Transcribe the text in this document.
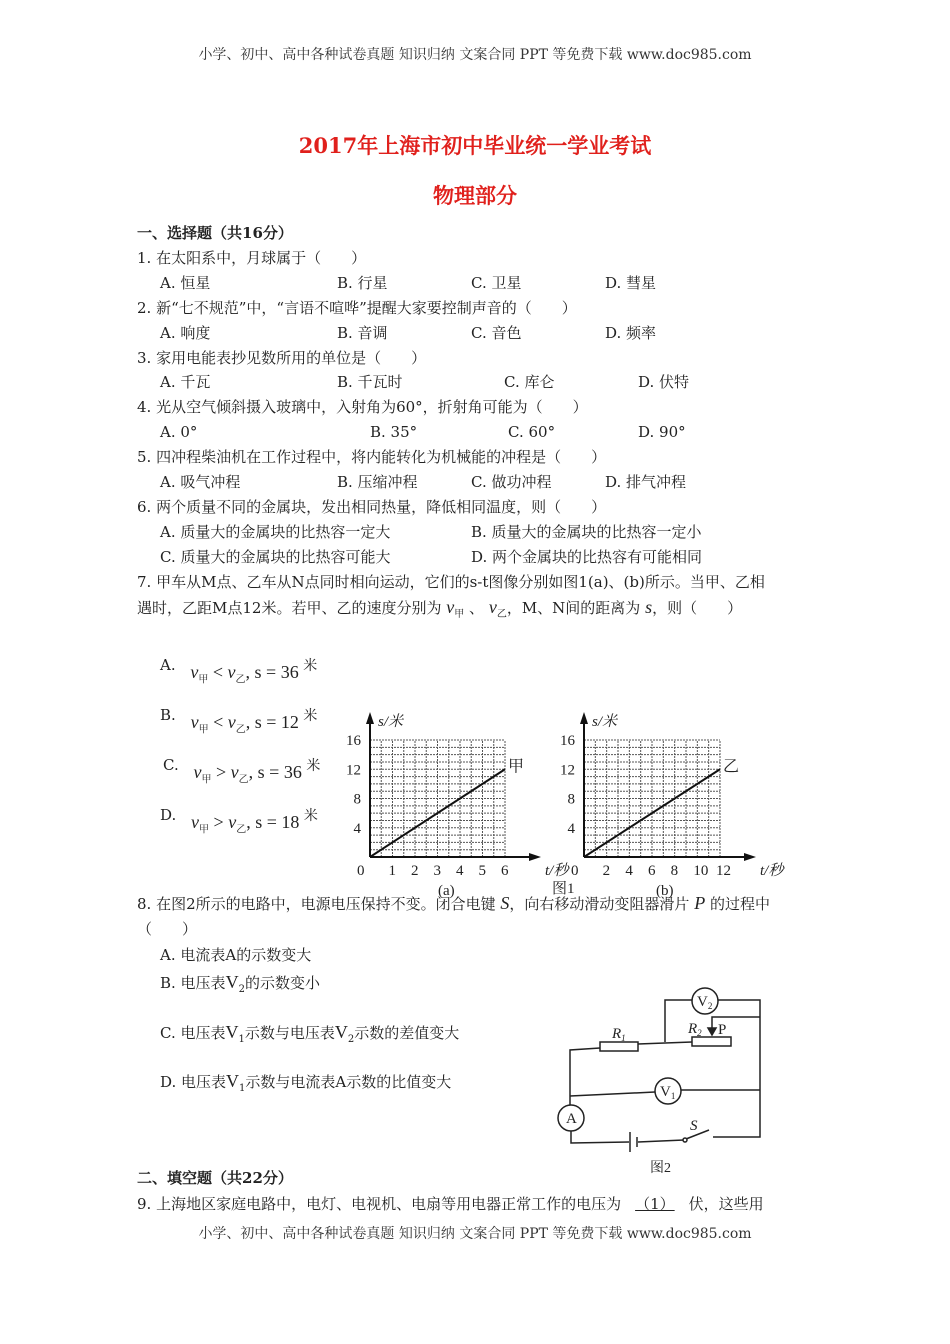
小学、初中、高中各种试卷真题 知识归纳 文案合同 PPT 等免费下载 www.doc985.com
2017年上海市初中毕业统一学业考试
物理部分
一、选择题（共16分）
1. 在太阳系中，月球属于（　　）
A. 恒星	B. 行星	C. 卫星	D. 彗星
2. 新“七不规范”中，“言语不喧哗”提醒大家要控制声音的（　　）
A. 响度	B. 音调	C. 音色	D. 频率
3. 家用电能表抄见数所用的单位是（　　）
A. 千瓦	B. 千瓦时	C. 库仑	D. 伏特
4. 光从空气倾斜摄入玻璃中，入射角为60°，折射角可能为（　　）
A. 0°	B. 35°	C. 60°	D. 90°
5. 四冲程柴油机在工作过程中，将内能转化为机械能的冲程是（　　）
A. 吸气冲程	B. 压缩冲程	C. 做功冲程	D. 排气冲程
6. 两个质量不同的金属块，发出相同热量，降低相同温度，则（　　）
A. 质量大的金属块的比热容一定大	B. 质量大的金属块的比热容一定小
C. 质量大的金属块的比热容可能大	D. 两个金属块的比热容有可能相同
7. 甲车从M点、乙车从N点同时相向运动，它们的s-t图像分别如图1(a)、(b)所示。当甲、乙相
遇时，乙距M点12米。若甲、乙的速度分别为 $v_甲$ 、 $v_乙$，M、N间的距离为 s，则（　　）
A. $v_甲 < v_乙$, s = 36 $^米$
B. $v_甲 < v_乙$, s = 12 $^米$
C. $v_甲 > v_乙$, s = 36 $^米$
D. $v_甲 > v_乙$, s = 18 $^米$
0 1 2 3 4 5 6
4
8
12
16
s/米
t/秒
甲
0 2 4 6 8 10 12
4
8
12
16
s/米
t/秒
乙
图1
(a)	(b)
8. 在图2所示的电路中，电源电压保持不变。闭合电键 S，向右移动滑动变阻器滑片 P 的过程中
（　　）
A. 电流表A的示数变大
B. 电压表$V_2$的示数变小
C. 电压表$V_1$示数与电压表$V_2$示数的差值变大
D. 电压表$V_1$示数与电流表A示数的比值变大
$V_2$
$V_1$
A
$R_1$
$R_2$ P
S
图2
二、填空题（共22分）
9. 上海地区家庭电路中，电灯、电视机、电扇等用电器正常工作的电压为 （1） 伏，这些用
小学、初中、高中各种试卷真题 知识归纳 文案合同 PPT 等免费下载 www.doc985.com
